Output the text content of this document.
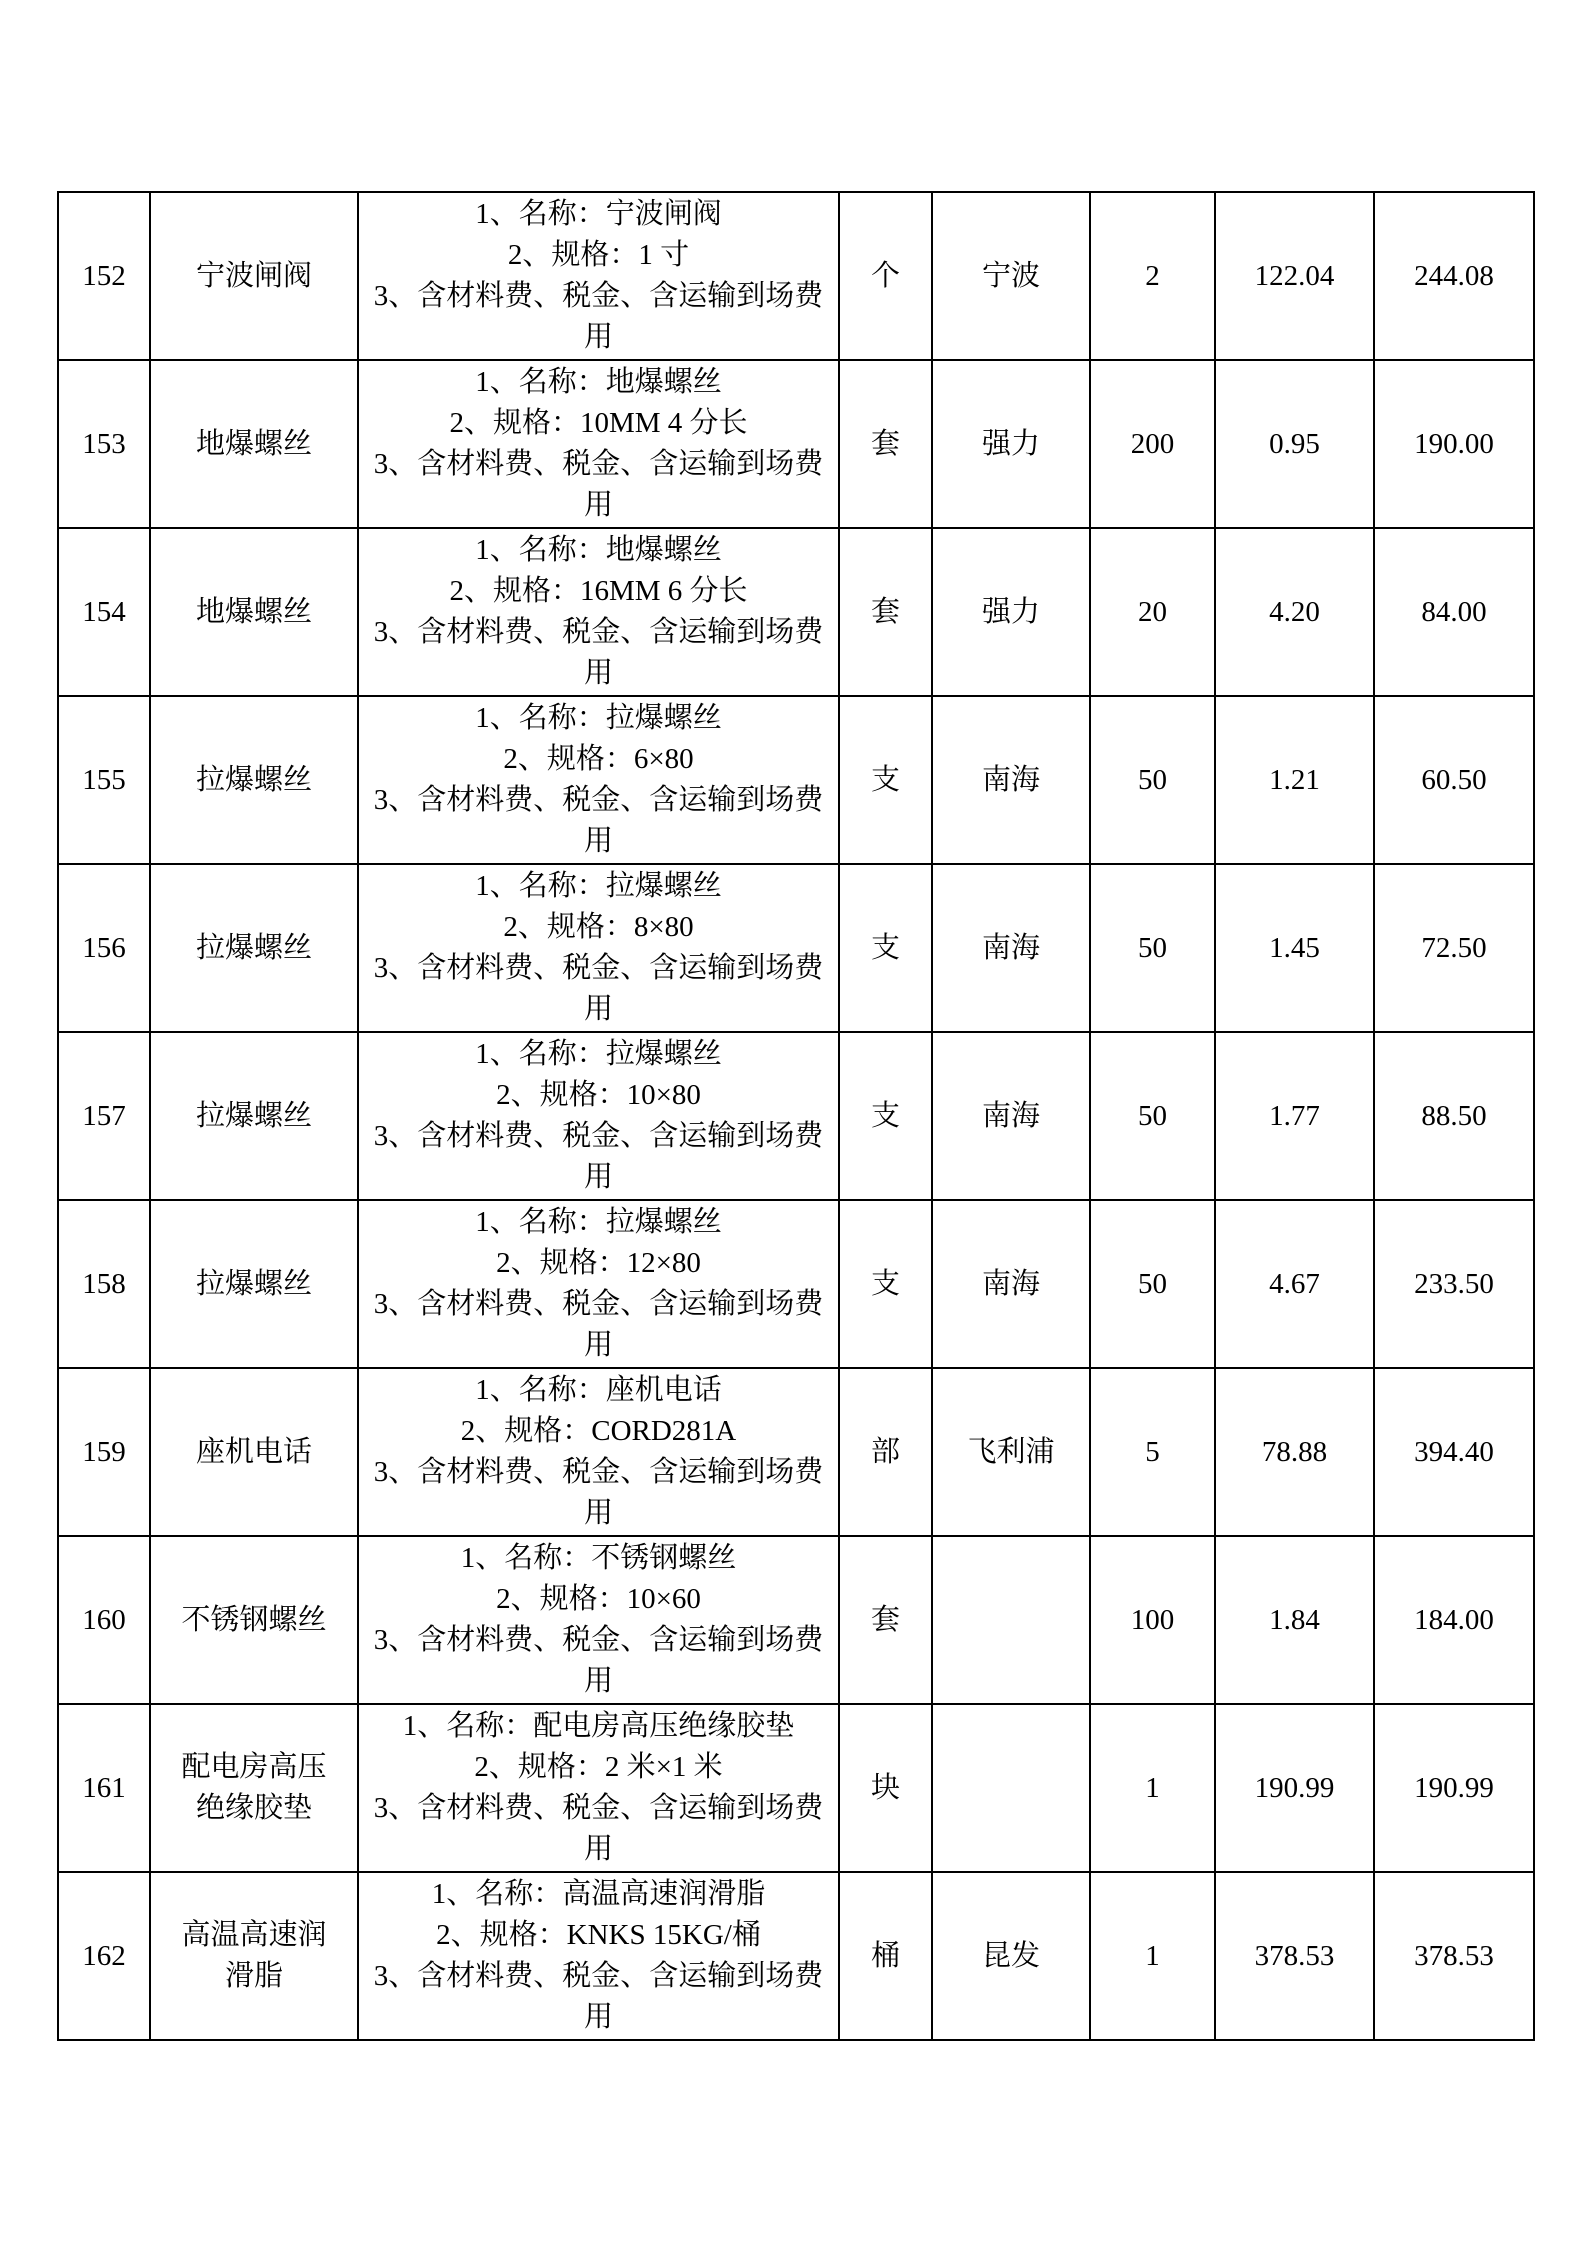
152	宁波闸阀	1、名称：宁波闸阀
2、规格：1 寸
3、含材料费、税金、含运输到场费
用	个	宁波	2	122.04	244.08
153	地爆螺丝	1、名称：地爆螺丝
2、规格：10MM 4 分长
3、含材料费、税金、含运输到场费
用	套	强力	200	0.95	190.00
154	地爆螺丝	1、名称：地爆螺丝
2、规格：16MM 6 分长
3、含材料费、税金、含运输到场费
用	套	强力	20	4.20	84.00
155	拉爆螺丝	1、名称：拉爆螺丝
2、规格：6×80
3、含材料费、税金、含运输到场费
用	支	南海	50	1.21	60.50
156	拉爆螺丝	1、名称：拉爆螺丝
2、规格：8×80
3、含材料费、税金、含运输到场费
用	支	南海	50	1.45	72.50
157	拉爆螺丝	1、名称：拉爆螺丝
2、规格：10×80
3、含材料费、税金、含运输到场费
用	支	南海	50	1.77	88.50
158	拉爆螺丝	1、名称：拉爆螺丝
2、规格：12×80
3、含材料费、税金、含运输到场费
用	支	南海	50	4.67	233.50
159	座机电话	1、名称：座机电话
2、规格：CORD281A
3、含材料费、税金、含运输到场费
用	部	飞利浦	5	78.88	394.40
160	不锈钢螺丝	1、名称：不锈钢螺丝
2、规格：10×60
3、含材料费、税金、含运输到场费
用	套		100	1.84	184.00
161	配电房高压绝缘胶垫	1、名称：配电房高压绝缘胶垫
2、规格：2 米×1 米
3、含材料费、税金、含运输到场费
用	块		1	190.99	190.99
162	高温高速润滑脂	1、名称：高温高速润滑脂
2、规格：KNKS 15KG/桶
3、含材料费、税金、含运输到场费
用	桶	昆发	1	378.53	378.53
